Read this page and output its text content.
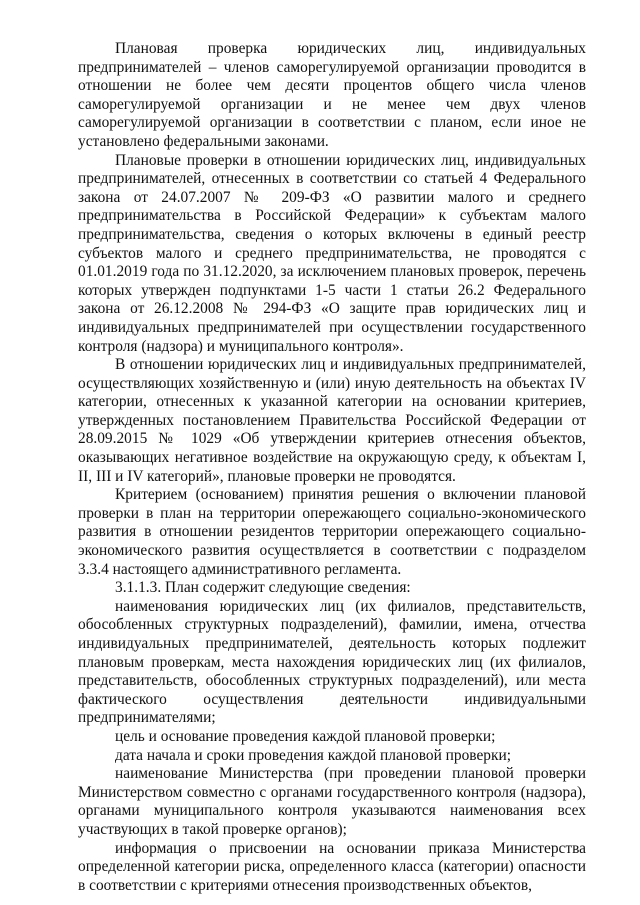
Плановая проверка юридических лиц, индивидуальных предпринимателей – членов саморегулируемой организации проводится в отношении не более чем десяти процентов общего числа членов саморегулируемой организации и не менее чем двух членов саморегулируемой организации в соответствии с планом, если иное не установлено федеральными законами.

Плановые проверки в отношении юридических лиц, индивидуальных предпринимателей, отнесенных в соответствии со статьей 4 Федерального закона от 24.07.2007 № 209-ФЗ «О развитии малого и среднего предпринимательства в Российской Федерации» к субъектам малого предпринимательства, сведения о которых включены в единый реестр субъектов малого и среднего предпринимательства, не проводятся с 01.01.2019 года по 31.12.2020, за исключением плановых проверок, перечень которых утвержден подпунктами 1-5 части 1 статьи 26.2 Федерального закона от 26.12.2008 № 294-ФЗ «О защите прав юридических лиц и индивидуальных предпринимателей при осуществлении государственного контроля (надзора) и муниципального контроля».

В отношении юридических лиц и индивидуальных предпринимателей, осуществляющих хозяйственную и (или) иную деятельность на объектах IV категории, отнесенных к указанной категории на основании критериев, утвержденных постановлением Правительства Российской Федерации от 28.09.2015 № 1029 «Об утверждении критериев отнесения объектов, оказывающих негативное воздействие на окружающую среду, к объектам I, II, III и IV категорий», плановые проверки не проводятся.

Критерием (основанием) принятия решения о включении плановой проверки в план на территории опережающего социально-экономического развития в отношении резидентов территории опережающего социально-экономического развития осуществляется в соответствии с подразделом 3.3.4 настоящего административного регламента.

3.1.1.3. План содержит следующие сведения:

наименования юридических лиц (их филиалов, представительств, обособленных структурных подразделений), фамилии, имена, отчества индивидуальных предпринимателей, деятельность которых подлежит плановым проверкам, места нахождения юридических лиц (их филиалов, представительств, обособленных структурных подразделений), или места фактического осуществления деятельности индивидуальными предпринимателями;

цель и основание проведения каждой плановой проверки;

дата начала и сроки проведения каждой плановой проверки;

наименование Министерства (при проведении плановой проверки Министерством совместно с органами государственного контроля (надзора), органами муниципального контроля указываются наименования всех участвующих в такой проверке органов);

информация о присвоении на основании приказа Министерства определенной категории риска, определенного класса (категории) опасности в соответствии с критериями отнесения производственных объектов,
